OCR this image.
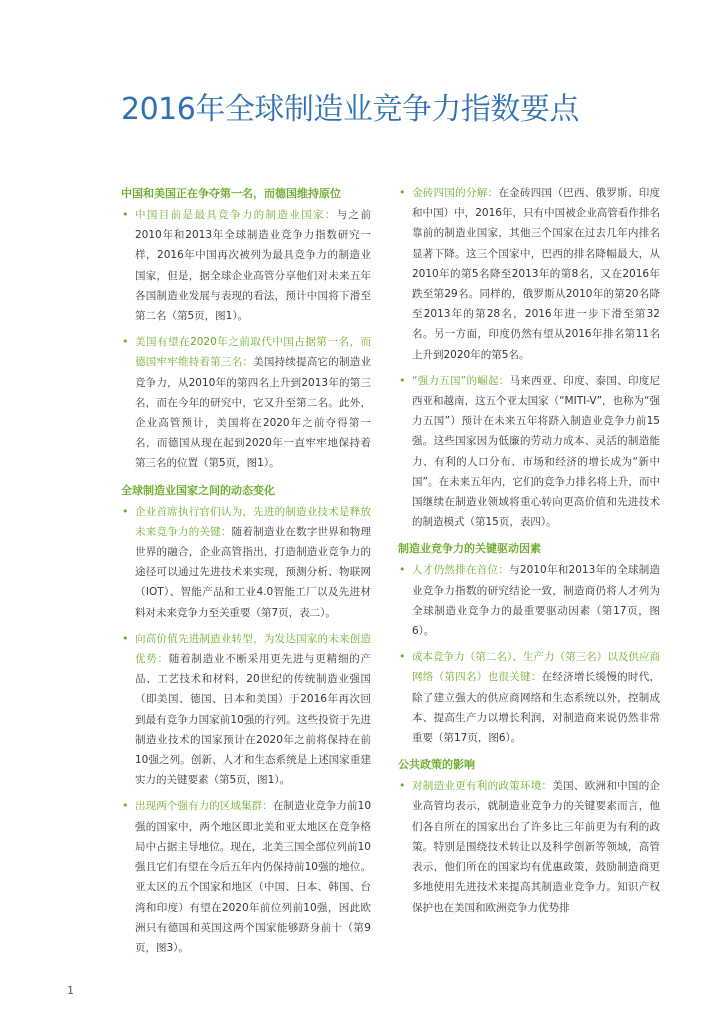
2016年全球制造业竞争力指数要点
中国和美国正在争夺第一名，而德国维持原位
• 中国目前是最具竞争力的制造业国家：与之前2010年和2013年全球制造业竞争力指数研究一样，2016年中国再次被列为最具竞争力的制造业国家，但是，据全球企业高管分享他们对未来五年各国制造业发展与表现的看法，预计中国将下滑至第二名（第5页，图1）。
• 美国有望在2020年之前取代中国占据第一名，而德国牢牢维持着第三名：美国持续提高它的制造业竞争力，从2010年的第四名上升到2013年的第三名，而在今年的研究中，它又升至第二名。此外，企业高管预计，美国将在2020年之前夺得第一名，而德国从现在起到2020年一直牢牢地保持着第三名的位置（第5页，图1）。
全球制造业国家之间的动态变化
• 企业首席执行官们认为，先进的制造业技术是释放未来竞争力的关键：随着制造业在数字世界和物理世界的融合，企业高管指出，打造制造业竞争力的途径可以通过先进技术来实现，预测分析、物联网（IOT）、智能产品和工业4.0智能工厂以及先进材料对未来竞争力至关重要（第7页，表二）。
• 向高价值先进制造业转型，为发达国家的未来创造优势：随着制造业不断采用更先进与更精细的产品、工艺技术和材料，20世纪的传统制造业强国（即美国、德国、日本和美国）于2016年再次回到最有竞争力国家前10强的行列。这些投资于先进制造业技术的国家预计在2020年之前将保持在前10强之列。创新、人才和生态系统是上述国家重建实力的关键要素（第5页，图1）。
• 出现两个强有力的区域集群：在制造业竞争力前10强的国家中，两个地区即北美和亚太地区在竞争格局中占据主导地位。现在，北美三国全部位列前10强且它们有望在今后五年内仍保持前10强的地位。亚太区的五个国家和地区（中国、日本、韩国、台湾和印度）有望在2020年前位列前10强，因此欧洲只有德国和英国这两个国家能够跻身前十（第9页，图3）。
• 金砖四国的分解：在金砖四国（巴西、俄罗斯、印度和中国）中，2016年，只有中国被企业高管看作排名靠前的制造业国家，其他三个国家在过去几年内排名显著下降。这三个国家中，巴西的排名降幅最大，从2010年的第5名降至2013年的第8名，又在2016年跌至第29名。同样的，俄罗斯从2010年的第20名降至2013年的第28名，2016年进一步下滑至第32名。另一方面，印度仍然有望从2016年排名第11名上升到2020年的第5名。
• “强力五国”的崛起：马来西亚、印度、泰国、印度尼西亚和越南，这五个亚太国家（“MITI-V”，也称为“强力五国”）预计在未来五年将跻入制造业竞争力前15强。这些国家因为低廉的劳动力成本、灵活的制造能力、有利的人口分布、市场和经济的增长成为“新中国”。在未来五年内，它们的竞争力排名将上升，而中国继续在制造业领域将重心转向更高价值和先进技术的制造模式（第15页，表四）。
制造业竞争力的关键驱动因素
• 人才仍然排在首位：与2010年和2013年的全球制造业竞争力指数的研究结论一致，制造商仍将人才列为全球制造业竞争力的最重要驱动因素（第17页，图6）。
• 成本竞争力（第二名）、生产力（第三名）以及供应商网络（第四名）也很关键：在经济增长缓慢的时代，除了建立强大的供应商网络和生态系统以外，控制成本、提高生产力以增长利润，对制造商来说仍然非常重要（第17页，图6）。
公共政策的影响
• 对制造业更有利的政策环境：美国、欧洲和中国的企业高管均表示，就制造业竞争力的关键要素而言，他们各自所在的国家出台了许多比三年前更为有利的政策。特别是围绕技术转让以及科学创新等领域，高管表示，他们所在的国家均有优惠政策，鼓励制造商更多地使用先进技术来提高其制造业竞争力。知识产权保护也在美国和欧洲竞争力优势排
1
